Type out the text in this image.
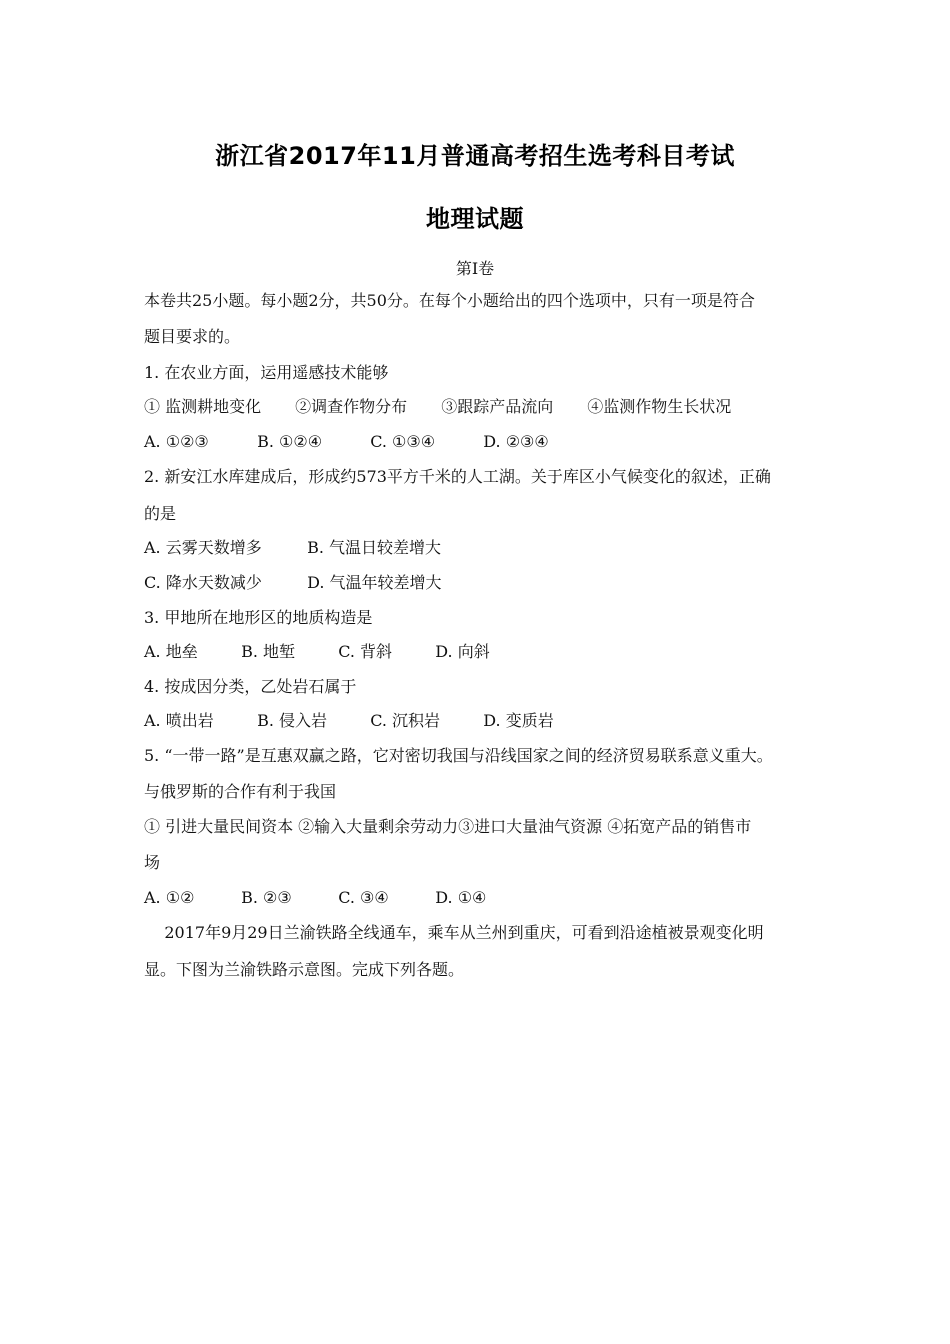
浙江省2017年11月普通高考招生选考科目考试
地理试题
第Ⅰ卷
本卷共25小题。每小题2分，共50分。在每个小题给出的四个选项中，只有一项是符合
题目要求的。
1. 在农业方面，运用遥感技术能够
① 监测耕地变化 ②调查作物分布 ③跟踪产品流向 ④监测作物生长状况
A. ①②③	B. ①②④	C. ①③④	D. ②③④
2. 新安江水库建成后，形成约573平方千米的人工湖。关于库区小气候变化的叙述，正确
的是
A. 云雾天数增多	B. 气温日较差增大
C. 降水天数减少	D. 气温年较差增大
3. 甲地所在地形区的地质构造是
A. 地垒	B. 地堑	C. 背斜	D. 向斜
4. 按成因分类，乙处岩石属于
A. 喷出岩	B. 侵入岩	C. 沉积岩	D. 变质岩
5. “一带一路”是互惠双赢之路，它对密切我国与沿线国家之间的经济贸易联系意义重大。
与俄罗斯的合作有利于我国
① 引进大量民间资本 ②输入大量剩余劳动力③进口大量油气资源 ④拓宽产品的销售市
场
A. ①②	B. ②③	C. ③④	D. ①④
2017年9月29日兰渝铁路全线通车，乘车从兰州到重庆，可看到沿途植被景观变化明
显。下图为兰渝铁路示意图。完成下列各题。
